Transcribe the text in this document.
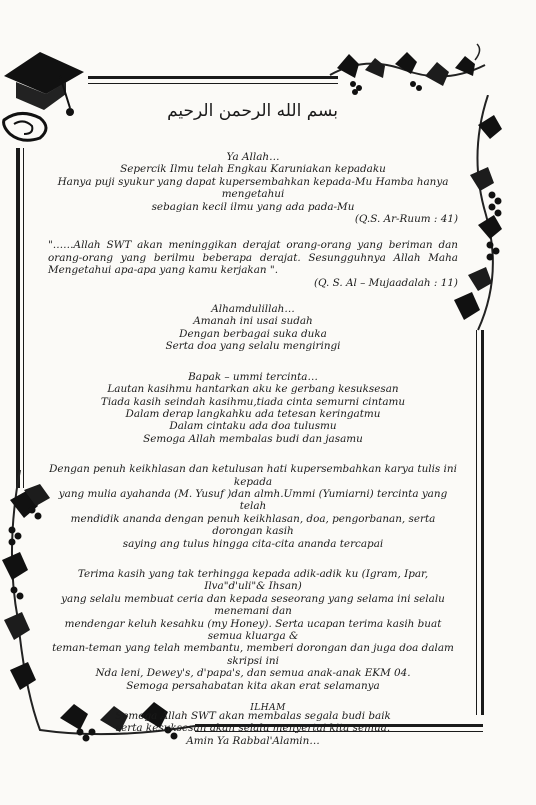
بسم الله الرحمن الرحيم

Ya Allah…

Sepercik Ilmu telah Engkau Karuniakan kepadaku

Hanya puji syukur yang dapat kupersembahkan kepada-Mu Hamba hanya mengetahui

sebagian kecil ilmu yang ada pada-Mu

(Q.S. Ar-Ruum : 41)

"……Allah SWT akan meninggikan derajat orang-orang yang beriman dan orang-orang yang berilmu beberapa derajat. Sesungguhnya Allah Maha Mengetahui apa-apa yang kamu kerjakan ".

(Q. S. Al – Mujaadalah : 11)

Alhamdulillah…

Amanah ini usai sudah

Dengan berbagai suka duka

Serta doa yang selalu mengiringi

Bapak – ummi tercinta…

Lautan kasihmu hantarkan aku ke gerbang kesuksesan

Tiada kasih seindah kasihmu,tiada cinta semurni cintamu

Dalam derap langkahku ada tetesan keringatmu

Dalam cintaku ada doa tulusmu

Semoga Allah membalas budi dan jasamu

Dengan penuh keikhlasan dan ketulusan hati kupersembahkan karya tulis ini kepada

yang mulia ayahanda (M. Yusuf )dan almh.Ummi (Yumiarni) tercinta yang telah

mendidik ananda dengan penuh keikhlasan, doa, pengorbanan, serta dorongan kasih

saying ang tulus hingga cita-cita ananda tercapai

Terima kasih yang tak terhingga kepada adik-adik ku (Igram, Ipar, Ilva"d'uli"& Ihsan)

yang selalu membuat ceria dan kepada seseorang yang selama ini selalu menemani dan

mendengar keluh kesahku (my Honey). Serta ucapan terima kasih buat semua kluarga &

teman-teman yang telah membantu, memberi dorongan dan juga doa dalam skripsi ini

Nda leni, Dewey's, d'papa's, dan semua anak-anak EKM 04.

Semoga persahabatan kita akan erat selamanya

Semoga Allah SWT akan membalas segala budi baik

serta kesuksesan akan selalu menyertai kita semua.

Amin Ya Rabbal'Alamin…

ILHAM
